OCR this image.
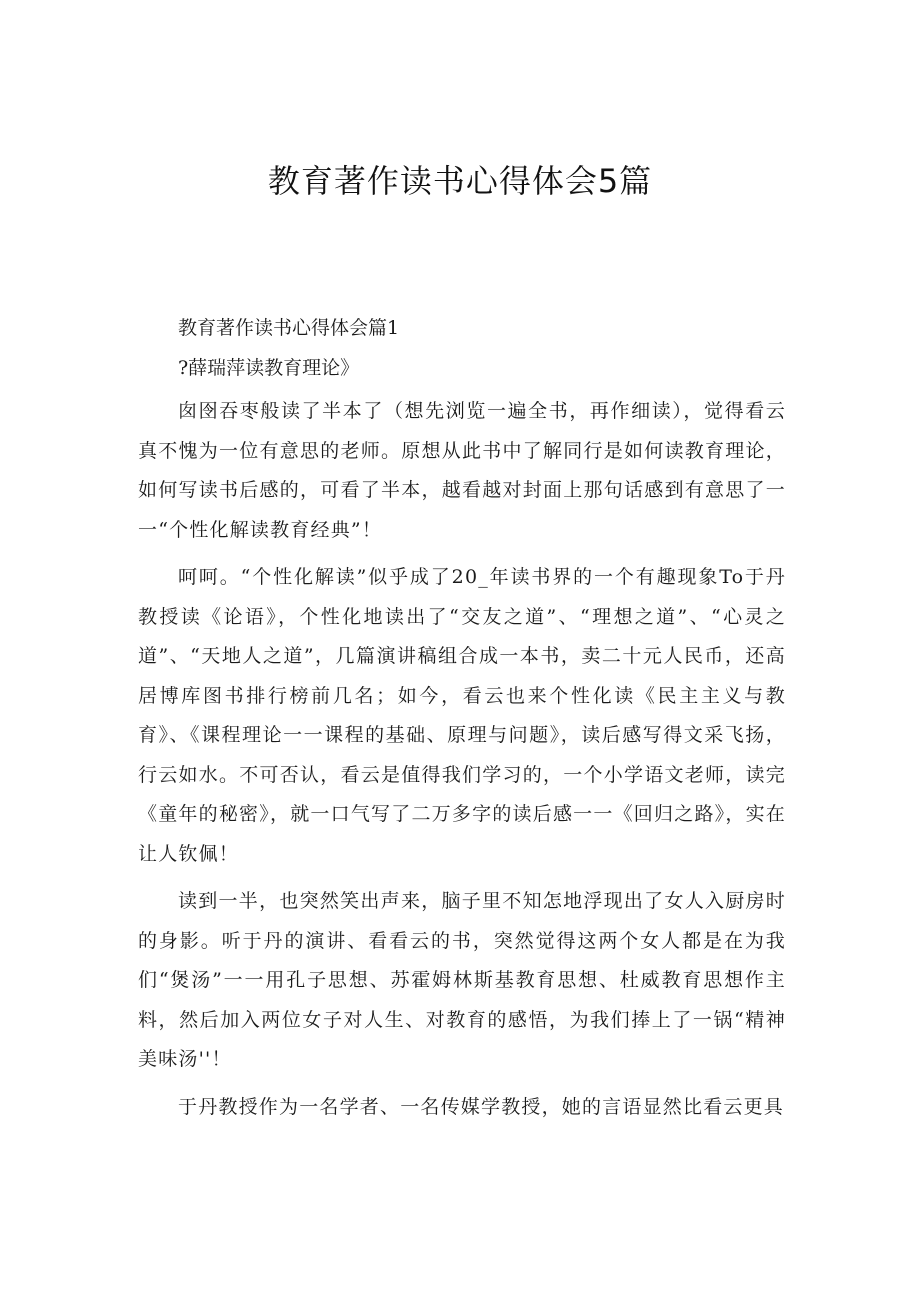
教育著作读书心得体会5篇

教育著作读书心得体会篇1

?薛瑞萍读教育理论》

囱囹吞枣般读了半本了（想先浏览一遍全书，再作细读），觉得看云真不愧为一位有意思的老师。原想从此书中了解同行是如何读教育理论，如何写读书后感的，可看了半本，越看越对封面上那句话感到有意思了一一“个性化解读教育经典”！

呵呵。“个性化解读”似乎成了20_年读书界的一个有趣现象To于丹教授读《论语》，个性化地读出了“交友之道”、“理想之道”、“心灵之道”、“天地人之道”，几篇演讲稿组合成一本书，卖二十元人民币，还高居博库图书排行榜前几名；如今，看云也来个性化读《民主主义与教育》、《课程理论一一课程的基础、原理与问题》，读后感写得文采飞扬，行云如水。不可否认，看云是值得我们学习的，一个小学语文老师，读完《童年的秘密》，就一口气写了二万多字的读后感一一《回归之路》，实在让人钦佩！

读到一半，也突然笑出声来，脑子里不知怎地浮现出了女人入厨房时的身影。听于丹的演讲、看看云的书，突然觉得这两个女人都是在为我们“煲汤”一一用孔子思想、苏霍姆林斯基教育思想、杜威教育思想作主料，然后加入两位女子对人生、对教育的感悟，为我们捧上了一锅“精神美味汤''！

于丹教授作为一名学者、一名传媒学教授，她的言语显然比看云更具
